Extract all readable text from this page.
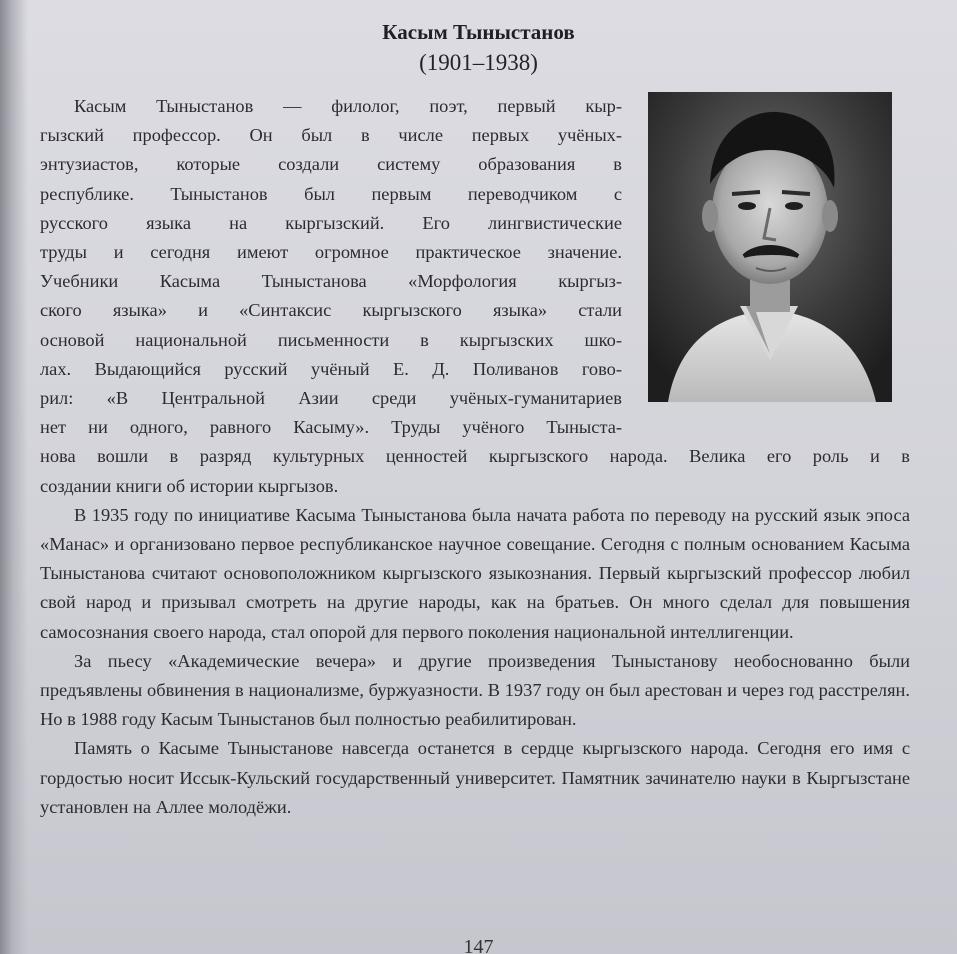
Касым Тыныстанов
(1901–1938)
Касым Тыныстанов — филолог, поэт, первый кыр-
гызский профессор. Он был в числе первых учёных-
энтузиастов, которые создали систему образования в
республике. Тыныстанов был первым переводчиком с
русского языка на кыргызский. Его лингвистические
труды и сегодня имеют огромное практическое значение.
Учебники Касыма Тыныстанова «Морфология кыргыз-
ского языка» и «Синтаксис кыргызского языка» стали
основой национальной письменности в кыргызских шко-
лах. Выдающийся русский учёный Е. Д. Поливанов гово-
рил: «В Центральной Азии среди учёных-гуманитариев
нет ни одного, равного Касыму». Труды учёного Тыныста-
нова вошли в разряд культурных ценностей кыргызского народа. Велика его роль и в
создании книги об истории кыргызов.

В 1935 году по инициативе Касыма Тыныстанова была начата работа по переводу на русский язык эпоса «Манас» и организовано первое республиканское научное совещание. Сегодня с полным основанием Касыма Тыныстанова считают основоположником кыргызского языкознания. Первый кыргызский профессор любил свой народ и призывал смотреть на другие народы, как на братьев. Он много сделал для повышения самосознания своего народа, стал опорой для первого поколения национальной интеллигенции.

За пьесу «Академические вечера» и другие произведения Тыныстанову необоснованно были предъявлены обвинения в национализме, буржуазности. В 1937 году он был арестован и через год расстрелян. Но в 1988 году Касым Тыныстанов был полностью реабилитирован.

Память о Касыме Тыныстанове навсегда останется в сердце кыргызского народа. Сегодня его имя с гордостью носит Иссык-Кульский государственный университет. Памятник зачинателю науки в Кыргызстане установлен на Аллее молодёжи.

147
